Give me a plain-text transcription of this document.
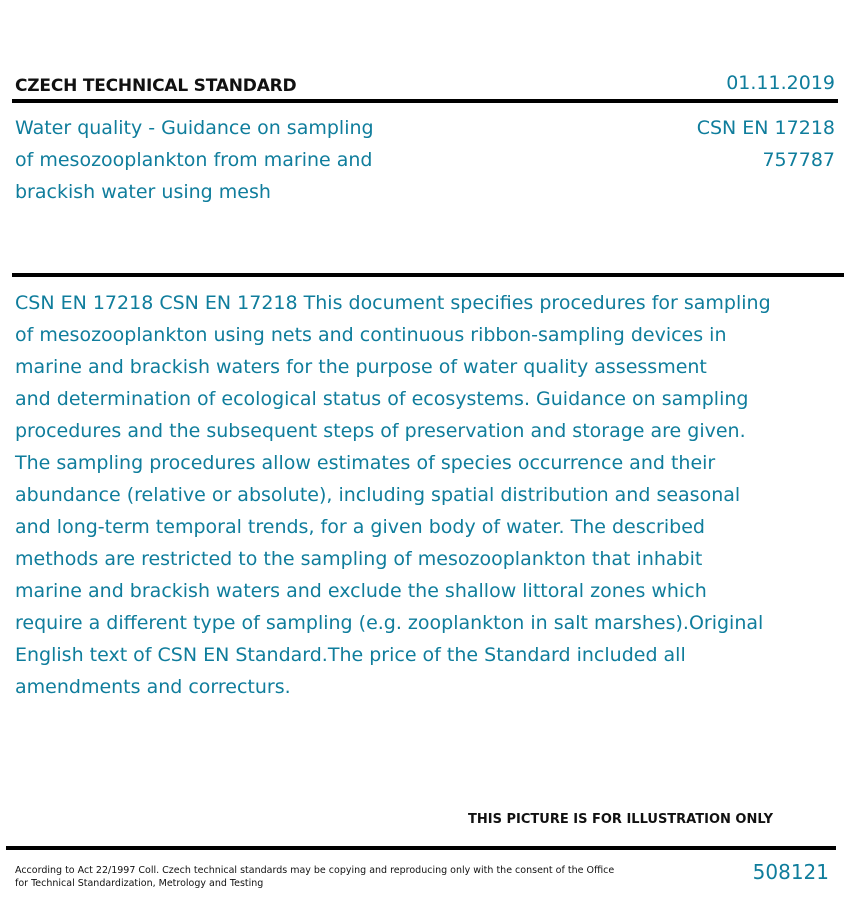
CZECH TECHNICAL STANDARD	01.11.2019
Water quality - Guidance on sampling
of mesozooplankton from marine and
brackish water using mesh
CSN EN 17218
757787

CSN EN 17218 CSN EN 17218 This document specifies procedures for sampling

of mesozooplankton using nets and continuous ribbon-sampling devices in

marine and brackish waters for the purpose of water quality assessment

and determination of ecological status of ecosystems. Guidance on sampling

procedures and the subsequent steps of preservation and storage are given.

The sampling procedures allow estimates of species occurrence and their

abundance (relative or absolute), including spatial distribution and seasonal

and long-term temporal trends, for a given body of water. The described

methods are restricted to the sampling of mesozooplankton that inhabit

marine and brackish waters and exclude the shallow littoral zones which

require a different type of sampling (e.g. zooplankton in salt marshes).Original

English text of CSN EN Standard.The price of the Standard included all

amendments and correcturs.

THIS PICTURE IS FOR ILLUSTRATION ONLY
According to Act 22/1997 Coll. Czech technical standards may be copying and reproducing only with the consent of the Office
for Technical Standardization, Metrology and Testing	508121
